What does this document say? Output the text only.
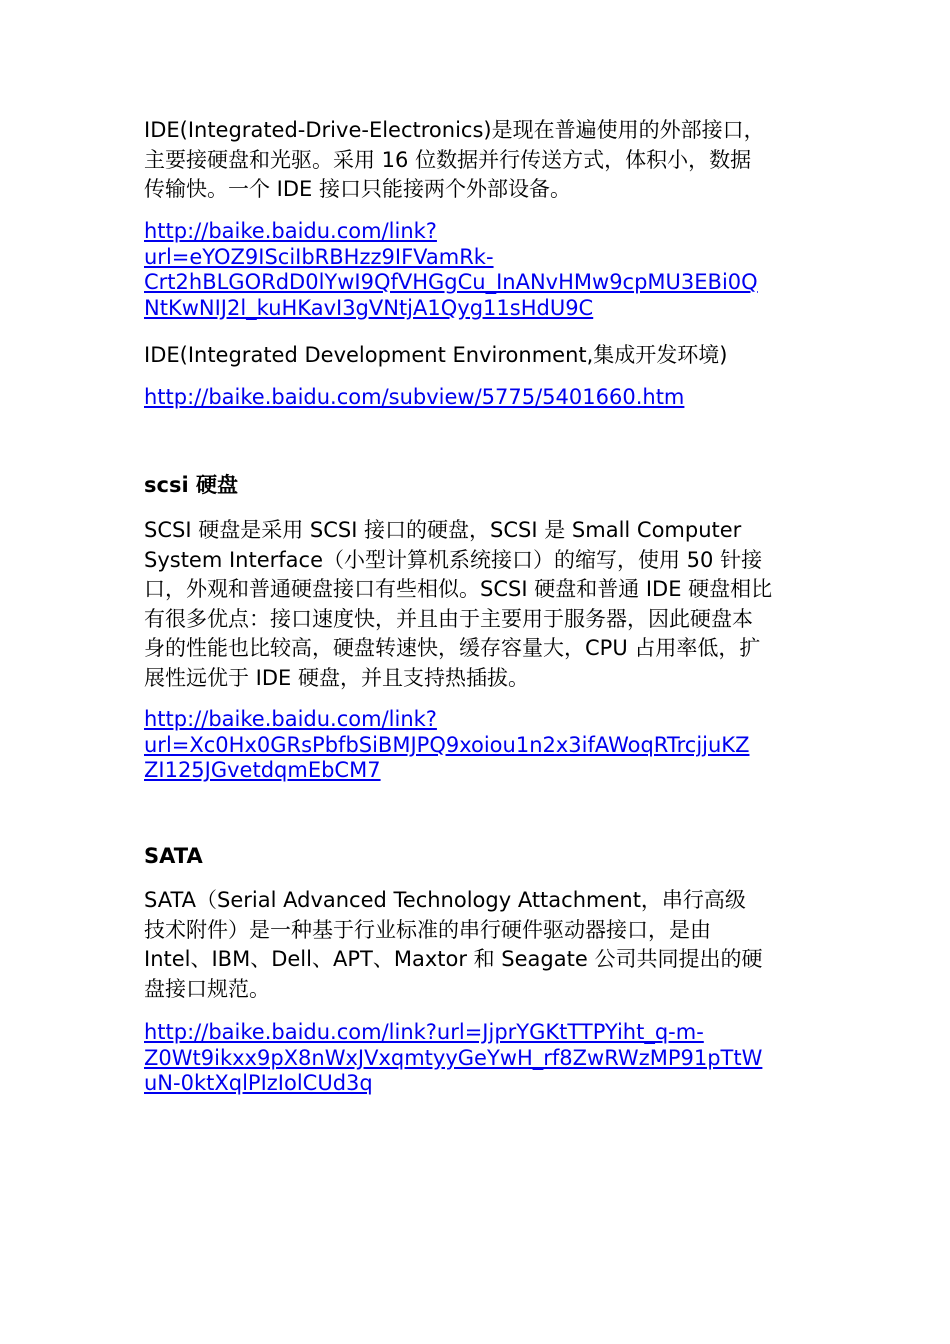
IDE(Integrated-Drive-Electronics)是现在普遍使用的外部接口，
主要接硬盘和光驱。采用 16 位数据并行传送方式，体积小，数据
传输快。一个 IDE 接口只能接两个外部设备。

http://baike.baidu.com/link?
url=eYOZ9ISciIbRBHzz9IFVamRk-
Crt2hBLGORdD0lYwI9QfVHGgCu_InANvHMw9cpMU3EBi0Q
NtKwNIJ2l_kuHKavI3gVNtjA1Qyg11sHdU9C

IDE(Integrated Development Environment,集成开发环境)

http://baike.baidu.com/subview/5775/5401660.htm
scsi 硬盘

SCSI 硬盘是采用 SCSI 接口的硬盘，SCSI 是 Small Computer
System Interface（小型计算机系统接口）的缩写，使用 50 针接
口，外观和普通硬盘接口有些相似。SCSI 硬盘和普通 IDE 硬盘相比
有很多优点：接口速度快，并且由于主要用于服务器，因此硬盘本
身的性能也比较高，硬盘转速快，缓存容量大，CPU 占用率低，扩
展性远优于 IDE 硬盘，并且支持热插拔。

http://baike.baidu.com/link?
url=Xc0Hx0GRsPbfbSiBMJPQ9xoiou1n2x3ifAWoqRTrcjjuKZ
ZI125JGvetdqmEbCM7
SATA

SATA（Serial Advanced Technology Attachment，串行高级
技术附件）是一种基于行业标准的串行硬件驱动器接口，是由
Intel、IBM、Dell、APT、Maxtor 和 Seagate 公司共同提出的硬
盘接口规范。

http://baike.baidu.com/link?url=JjprYGKtTTPYiht_q-m-
Z0Wt9ikxx9pX8nWxJVxqmtyyGeYwH_rf8ZwRWzMP91pTtW
uN-0ktXqlPIzIolCUd3q
